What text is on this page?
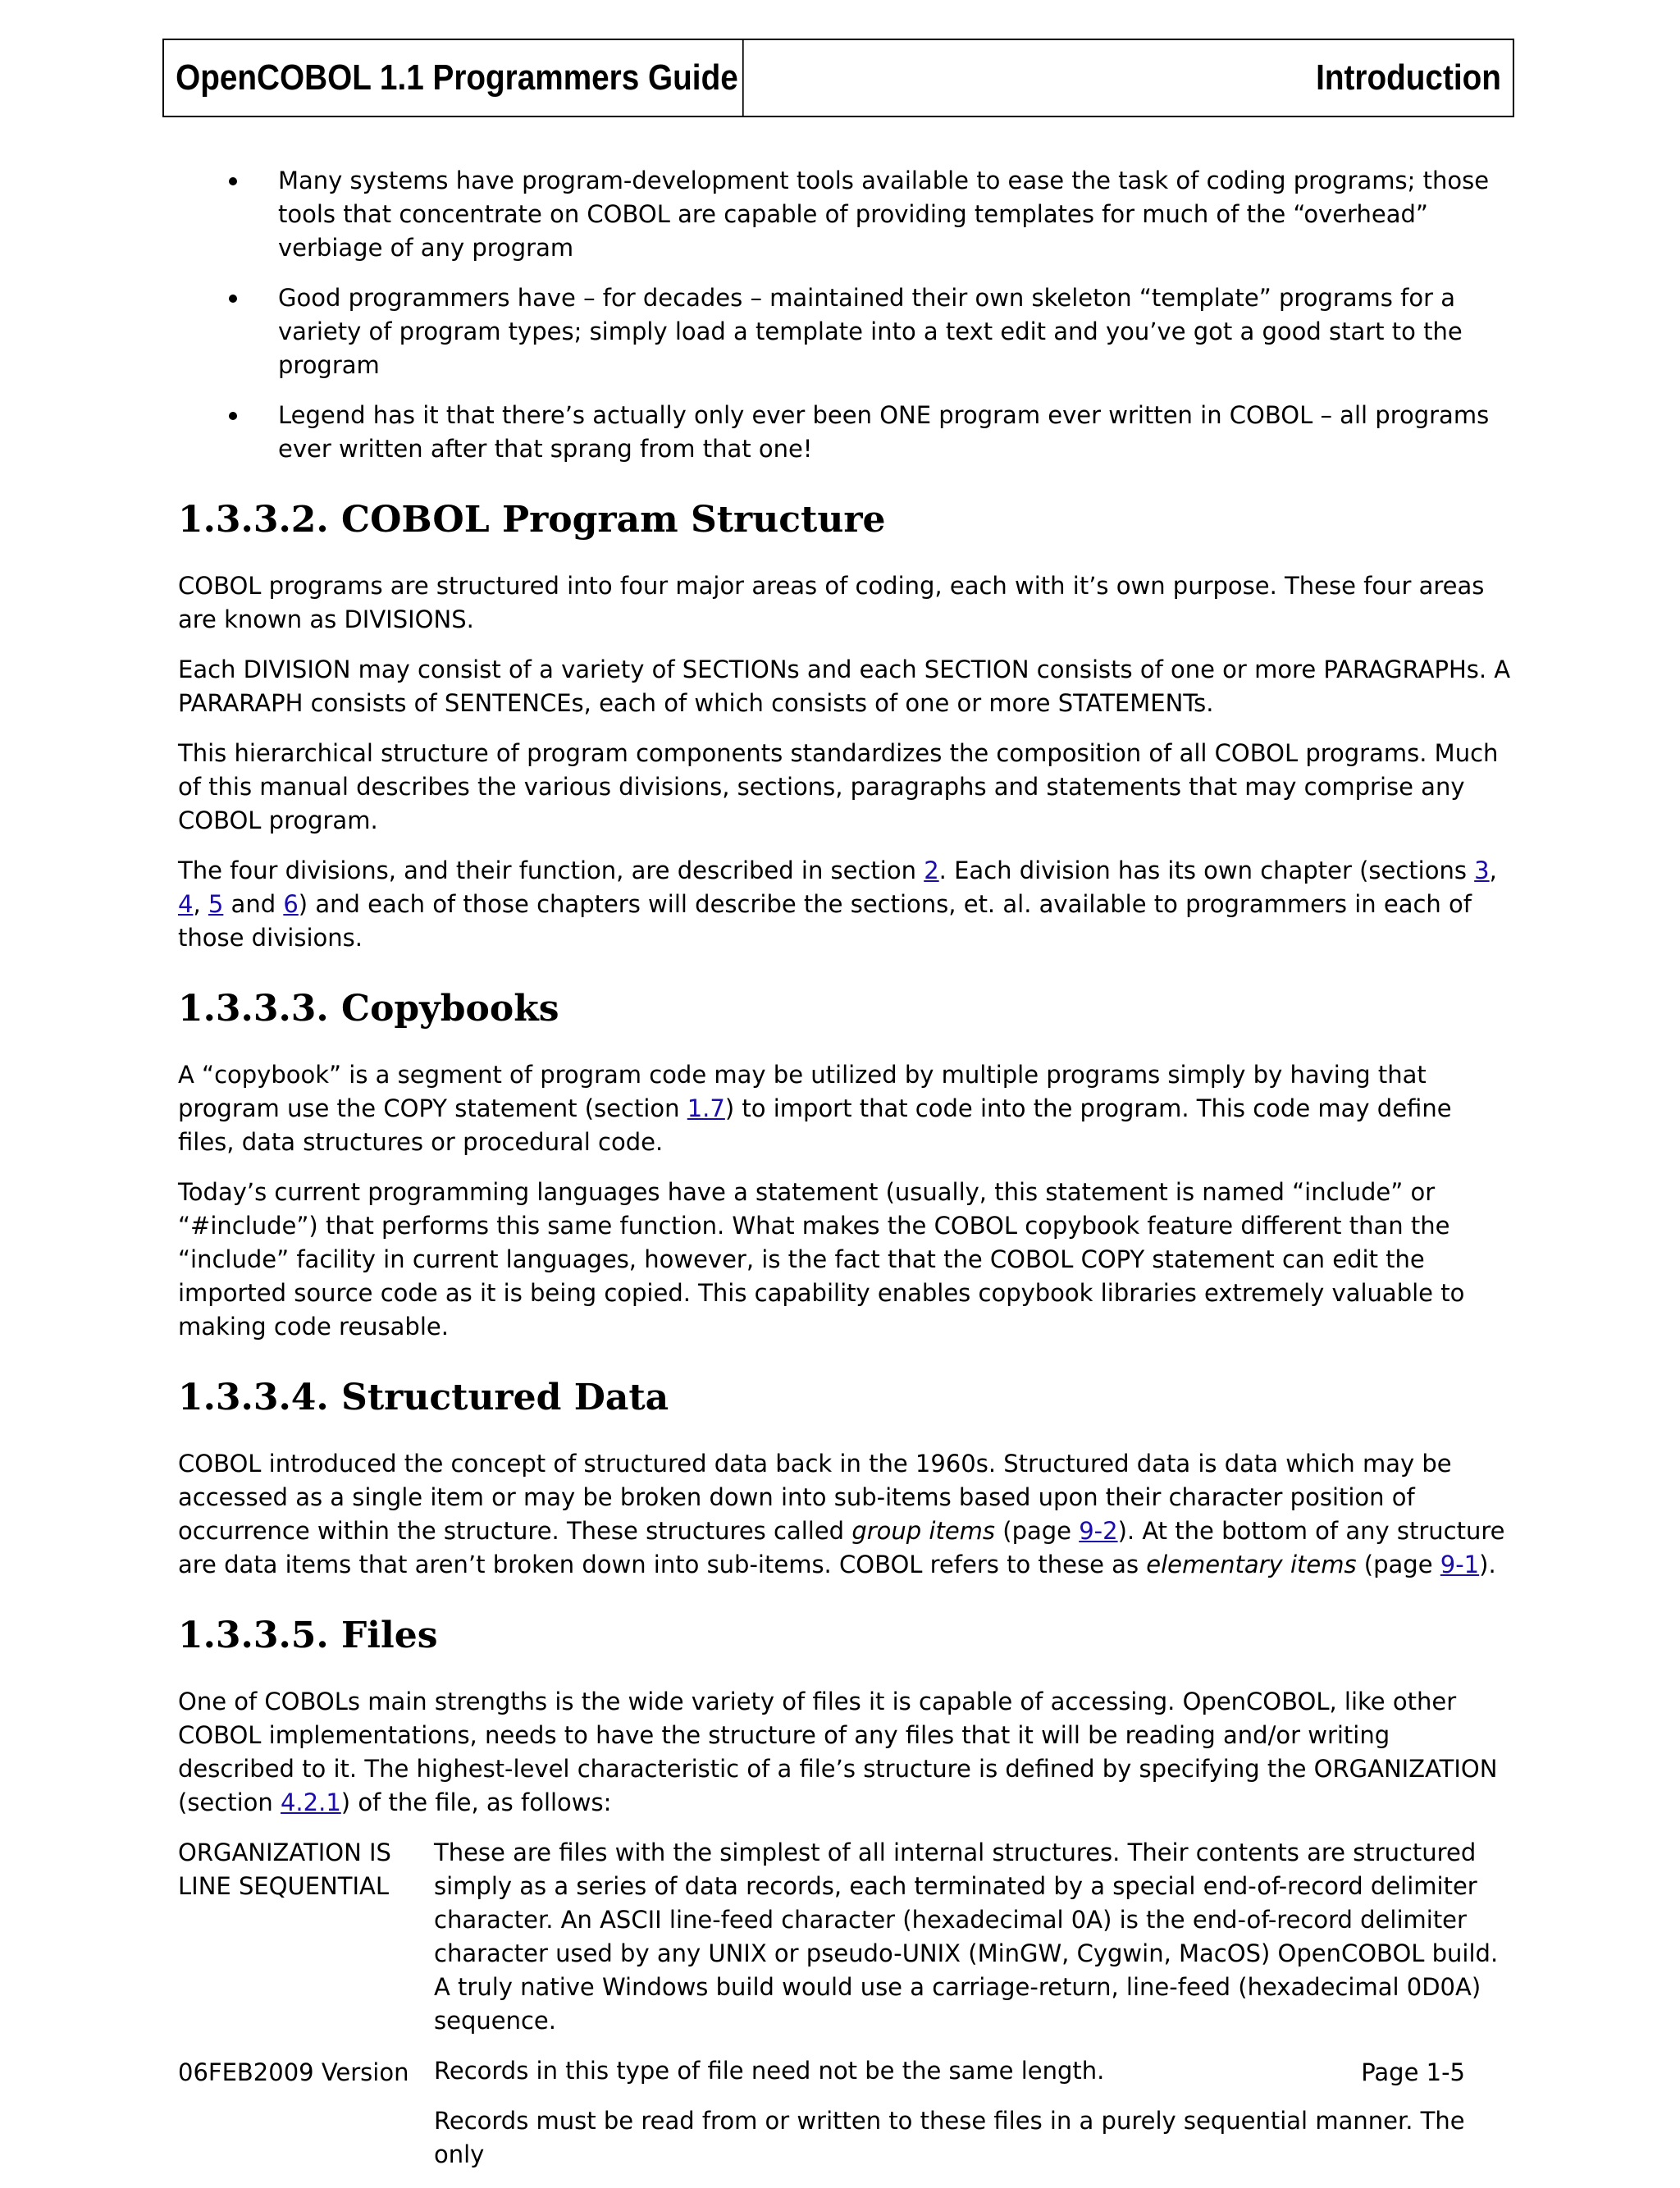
OpenCOBOL 1.1 Programmers Guide	Introduction
Many systems have program-development tools available to ease the task of coding programs; those tools that concentrate on COBOL are capable of providing templates for much of the “overhead” verbiage of any program
Good programmers have – for decades – maintained their own skeleton “template” programs for a variety of program types; simply load a template into a text edit and you’ve got a good start to the program
Legend has it that there’s actually only ever been ONE program ever written in COBOL – all programs ever written after that sprang from that one!
1.3.3.2. COBOL Program Structure

COBOL programs are structured into four major areas of coding, each with it’s own purpose. These four areas are known as DIVISIONS.

Each DIVISION may consist of a variety of SECTIONs and each SECTION consists of one or more PARAGRAPHs. A PARARAPH consists of SENTENCEs, each of which consists of one or more STATEMENTs.

This hierarchical structure of program components standardizes the composition of all COBOL programs. Much of this manual describes the various divisions, sections, paragraphs and statements that may comprise any COBOL program.

The four divisions, and their function, are described in section 2. Each division has its own chapter (sections 3, 4, 5 and 6) and each of those chapters will describe the sections, et. al. available to programmers in each of those divisions.

1.3.3.3. Copybooks

A “copybook” is a segment of program code may be utilized by multiple programs simply by having that program use the COPY statement (section 1.7) to import that code into the program. This code may define files, data structures or procedural code.

Today’s current programming languages have a statement (usually, this statement is named “include” or “#include”) that performs this same function. What makes the COBOL copybook feature different than the “include” facility in current languages, however, is the fact that the COBOL COPY statement can edit the imported source code as it is being copied. This capability enables copybook libraries extremely valuable to making code reusable.

1.3.3.4. Structured Data

COBOL introduced the concept of structured data back in the 1960s. Structured data is data which may be accessed as a single item or may be broken down into sub-items based upon their character position of occurrence within the structure. These structures called group items (page 9-2). At the bottom of any structure are data items that aren’t broken down into sub-items. COBOL refers to these as elementary items (page 9-1).

1.3.3.5. Files

One of COBOLs main strengths is the wide variety of files it is capable of accessing. OpenCOBOL, like other COBOL implementations, needs to have the structure of any files that it will be reading and/or writing described to it. The highest-level characteristic of a file’s structure is defined by specifying the ORGANIZATION (section 4.2.1) of the file, as follows:

ORGANIZATION IS
LINE SEQUENTIAL

These are files with the simplest of all internal structures. Their contents are structured simply as a series of data records, each terminated by a special end-of-record delimiter character. An ASCII line-feed character (hexadecimal 0A) is the end-of-record delimiter character used by any UNIX or pseudo-UNIX (MinGW, Cygwin, MacOS) OpenCOBOL build. A truly native Windows build would use a carriage-return, line-feed (hexadecimal 0D0A) sequence.

Records in this type of file need not be the same length.

Records must be read from or written to these files in a purely sequential manner. The only

06FEB2009 Version	Page 1-5
